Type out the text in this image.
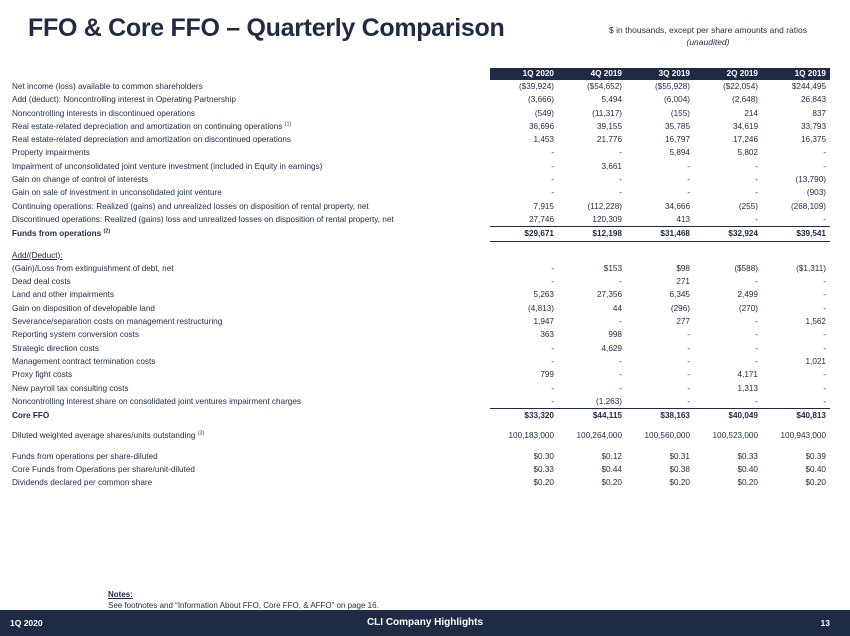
FFO & Core FFO – Quarterly Comparison	$ in thousands, except per share amounts and ratios
(unaudited)
	1Q 2020	4Q 2019	3Q 2019	2Q 2019	1Q 2019
Net income (loss) available to common shareholders	($39,924)	($54,652)	($55,928)	($22,054)	$244,495
Add (deduct): Noncontrolling interest in Operating Partnership	(3,666)	5,494	(6,004)	(2,648)	26,843
Noncontrolling interests in discontinued operations	(549)	(11,317)	(155)	214	837
Real estate-related depreciation and amortization on continuing operations $^{(1)}$	36,696	39,155	35,785	34,619	33,793
Real estate-related depreciation and amortization on discontinued operations	1,453	21,776	16,797	17,246	16,375
Property impairments	-	-	5,894	5,802	-
Impairment of unconsolidated joint venture investment (included in Equity in earnings)	-	3,661	-	-	-
Gain on change of control of interests	-	-	-	-	(13,790)
Gain on sale of investment in unconsolidated joint venture	-	-	-	-	(903)
Continuing operations: Realized (gains) and unrealized losses on disposition of rental property, net	7,915	(112,228)	34,666	(255)	(268,109)
Discontinued operations: Realized (gains) loss and unrealized losses on disposition of rental property, net	27,746	120,309	413	-	-
Funds from operations $^{(2)}$	$29,671	$12,198	$31,468	$32,924	$39,541

Add/(Deduct):					
(Gain)/Loss from extinguishment of debt, net	-	$153	$98	($588)	($1,311)
Dead deal costs	-	-	271	-	-
Land and other impairments	5,263	27,356	6,345	2,499	-
Gain on disposition of developable land	(4,813)	44	(296)	(270)	-
Severance/separation costs on management restructuring	1,947	-	277	-	1,562
Reporting system conversion costs	363	998	-	-	-
Strategic direction costs	-	4,629	-	-	-
Management contract termination costs	-	-	-	-	1,021
Proxy fight costs	799	-	-	4,171	-
New payroll tax consulting costs	-	-	-	1,313	-
Noncontrolling interest share on consolidated joint ventures impairment charges	-	(1,263)	-	-	-
Core FFO	$33,320	$44,115	$38,163	$40,049	$40,813

Diluted weighted average shares/units outstanding $^{(3)}$	100,183,000	100,264,000	100,560,000	100,523,000	100,943,000

Funds from operations per share-diluted	$0.30	$0.12	$0.31	$0.33	$0.39
Core Funds from Operations per share/unit-diluted	$0.33	$0.44	$0.38	$0.40	$0.40
Dividends declared per common share	$0.20	$0.20	$0.20	$0.20	$0.20
Notes:
See footnotes and “Information About FFO, Core FFO, & AFFO” on page 16.
CLI Company Highlights
1Q 2020	13
